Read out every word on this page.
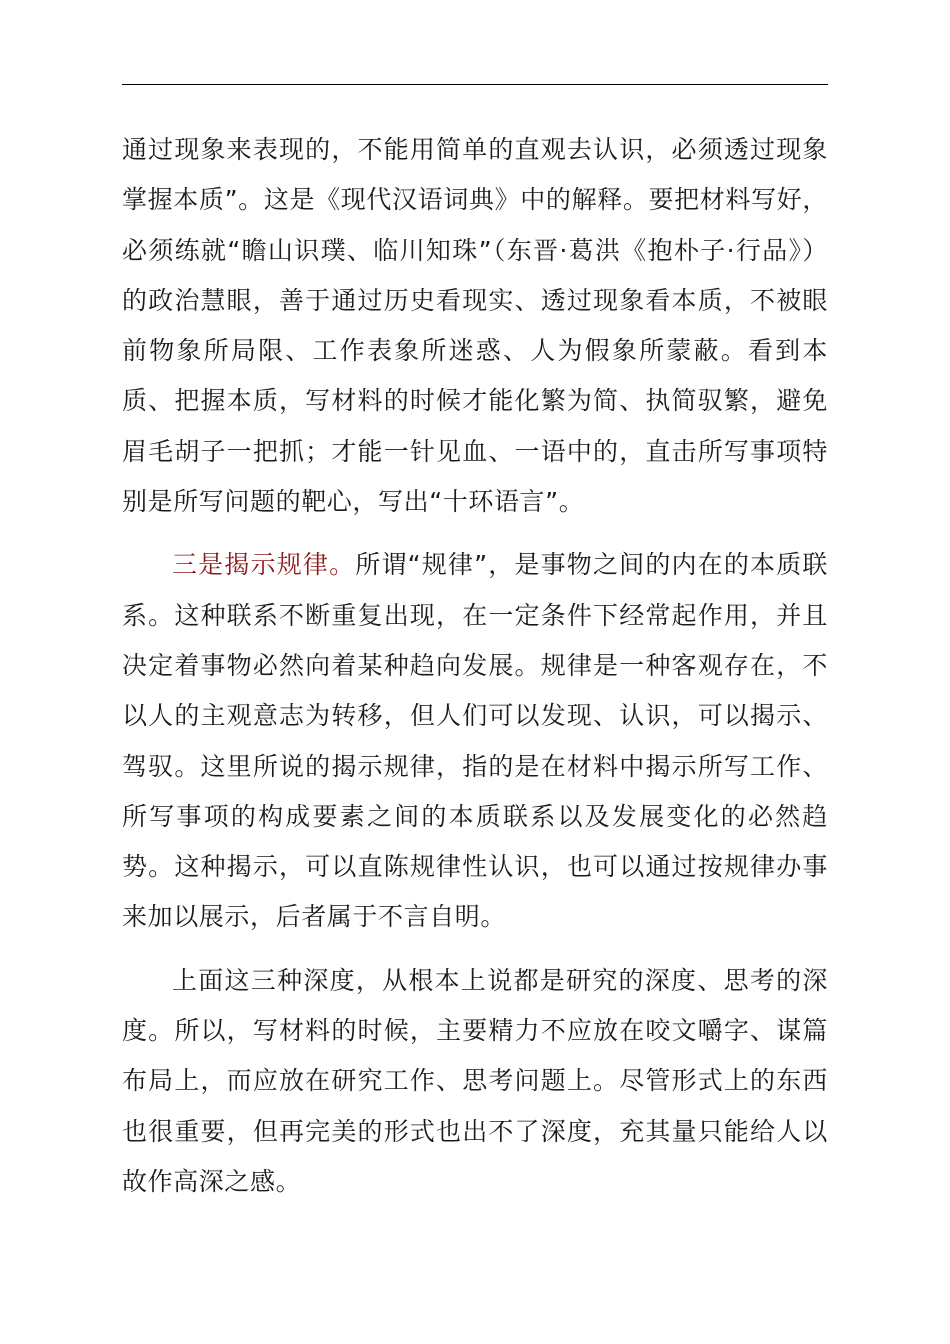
通过现象来表现的，不能用简单的直观去认识，必须透过现象掌握本质”。这是《现代汉语词典》中的解释。要把材料写好，必须练就“瞻山识璞、临川知珠”（东晋·葛洪《抱朴子·行品》）的政治慧眼，善于通过历史看现实、透过现象看本质，不被眼前物象所局限、工作表象所迷惑、人为假象所蒙蔽。看到本质、把握本质，写材料的时候才能化繁为简、执简驭繁，避免眉毛胡子一把抓；才能一针见血、一语中的，直击所写事项特别是所写问题的靶心，写出“十环语言”。

三是揭示规律。所谓“规律”，是事物之间的内在的本质联系。这种联系不断重复出现，在一定条件下经常起作用，并且决定着事物必然向着某种趋向发展。规律是一种客观存在，不以人的主观意志为转移，但人们可以发现、认识，可以揭示、驾驭。这里所说的揭示规律，指的是在材料中揭示所写工作、所写事项的构成要素之间的本质联系以及发展变化的必然趋势。这种揭示，可以直陈规律性认识，也可以通过按规律办事来加以展示，后者属于不言自明。

上面这三种深度，从根本上说都是研究的深度、思考的深度。所以，写材料的时候，主要精力不应放在咬文嚼字、谋篇布局上，而应放在研究工作、思考问题上。尽管形式上的东西也很重要，但再完美的形式也出不了深度，充其量只能给人以故作高深之感。
